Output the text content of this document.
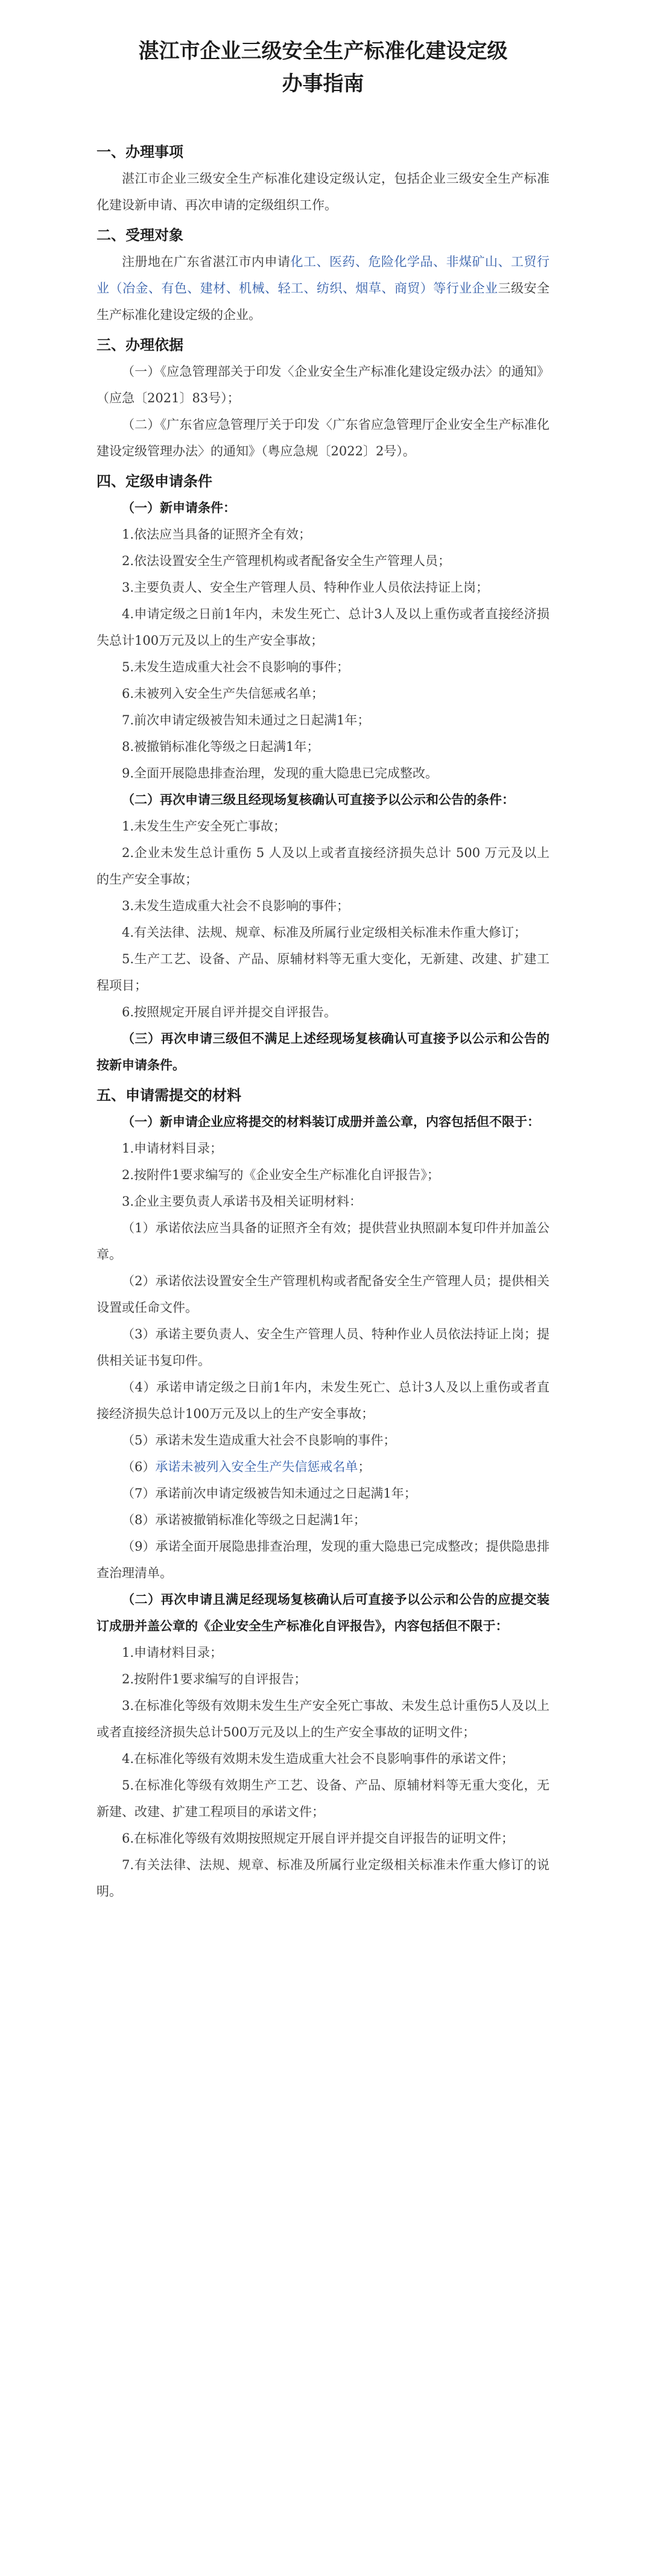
湛江市企业三级安全生产标准化建设定级
办事指南
一、办理事项

湛江市企业三级安全生产标准化建设定级认定，包括企业三级安全生产标准化建设新申请、再次申请的定级组织工作。

二、受理对象

注册地在广东省湛江市内申请化工、医药、危险化学品、非煤矿山、工贸行业（冶金、有色、建材、机械、轻工、纺织、烟草、商贸）等行业企业三级安全生产标准化建设定级的企业。

三、办理依据

（一）《应急管理部关于印发〈企业安全生产标准化建设定级办法〉的通知》（应急〔2021〕83号）；

（二）《广东省应急管理厅关于印发〈广东省应急管理厅企业安全生产标准化建设定级管理办法〉的通知》（粤应急规〔2022〕2号）。

四、定级申请条件

（一）新申请条件：

1.依法应当具备的证照齐全有效；

2.依法设置安全生产管理机构或者配备安全生产管理人员；

3.主要负责人、安全生产管理人员、特种作业人员依法持证上岗；

4.申请定级之日前1年内，未发生死亡、总计3人及以上重伤或者直接经济损失总计100万元及以上的生产安全事故；

5.未发生造成重大社会不良影响的事件；

6.未被列入安全生产失信惩戒名单；

7.前次申请定级被告知未通过之日起满1年；

8.被撤销标准化等级之日起满1年；

9.全面开展隐患排查治理，发现的重大隐患已完成整改。

（二）再次申请三级且经现场复核确认可直接予以公示和公告的条件：

1.未发生生产安全死亡事故；

2.企业未发生总计重伤 5 人及以上或者直接经济损失总计 500 万元及以上的生产安全事故；

3.未发生造成重大社会不良影响的事件；

4.有关法律、法规、规章、标准及所属行业定级相关标准未作重大修订；

5.生产工艺、设备、产品、原辅材料等无重大变化，无新建、改建、扩建工程项目；

6.按照规定开展自评并提交自评报告。

（三）再次申请三级但不满足上述经现场复核确认可直接予以公示和公告的按新申请条件。

五、申请需提交的材料

（一）新申请企业应将提交的材料装订成册并盖公章，内容包括但不限于：

1.申请材料目录；

2.按附件1要求编写的《企业安全生产标准化自评报告》；

3.企业主要负责人承诺书及相关证明材料：

（1）承诺依法应当具备的证照齐全有效；提供营业执照副本复印件并加盖公章。

（2）承诺依法设置安全生产管理机构或者配备安全生产管理人员；提供相关设置或任命文件。

（3）承诺主要负责人、安全生产管理人员、特种作业人员依法持证上岗；提供相关证书复印件。

（4）承诺申请定级之日前1年内，未发生死亡、总计3人及以上重伤或者直接经济损失总计100万元及以上的生产安全事故；

（5）承诺未发生造成重大社会不良影响的事件；

（6）承诺未被列入安全生产失信惩戒名单；

（7）承诺前次申请定级被告知未通过之日起满1年；

（8）承诺被撤销标准化等级之日起满1年；

（9）承诺全面开展隐患排查治理，发现的重大隐患已完成整改；提供隐患排查治理清单。

（二）再次申请且满足经现场复核确认后可直接予以公示和公告的应提交装订成册并盖公章的《企业安全生产标准化自评报告》，内容包括但不限于：

1.申请材料目录；

2.按附件1要求编写的自评报告；

3.在标准化等级有效期未发生生产安全死亡事故、未发生总计重伤5人及以上或者直接经济损失总计500万元及以上的生产安全事故的证明文件；

4.在标准化等级有效期未发生造成重大社会不良影响事件的承诺文件；

5.在标准化等级有效期生产工艺、设备、产品、原辅材料等无重大变化，无新建、改建、扩建工程项目的承诺文件；

6.在标准化等级有效期按照规定开展自评并提交自评报告的证明文件；

7.有关法律、法规、规章、标准及所属行业定级相关标准未作重大修订的说明。
